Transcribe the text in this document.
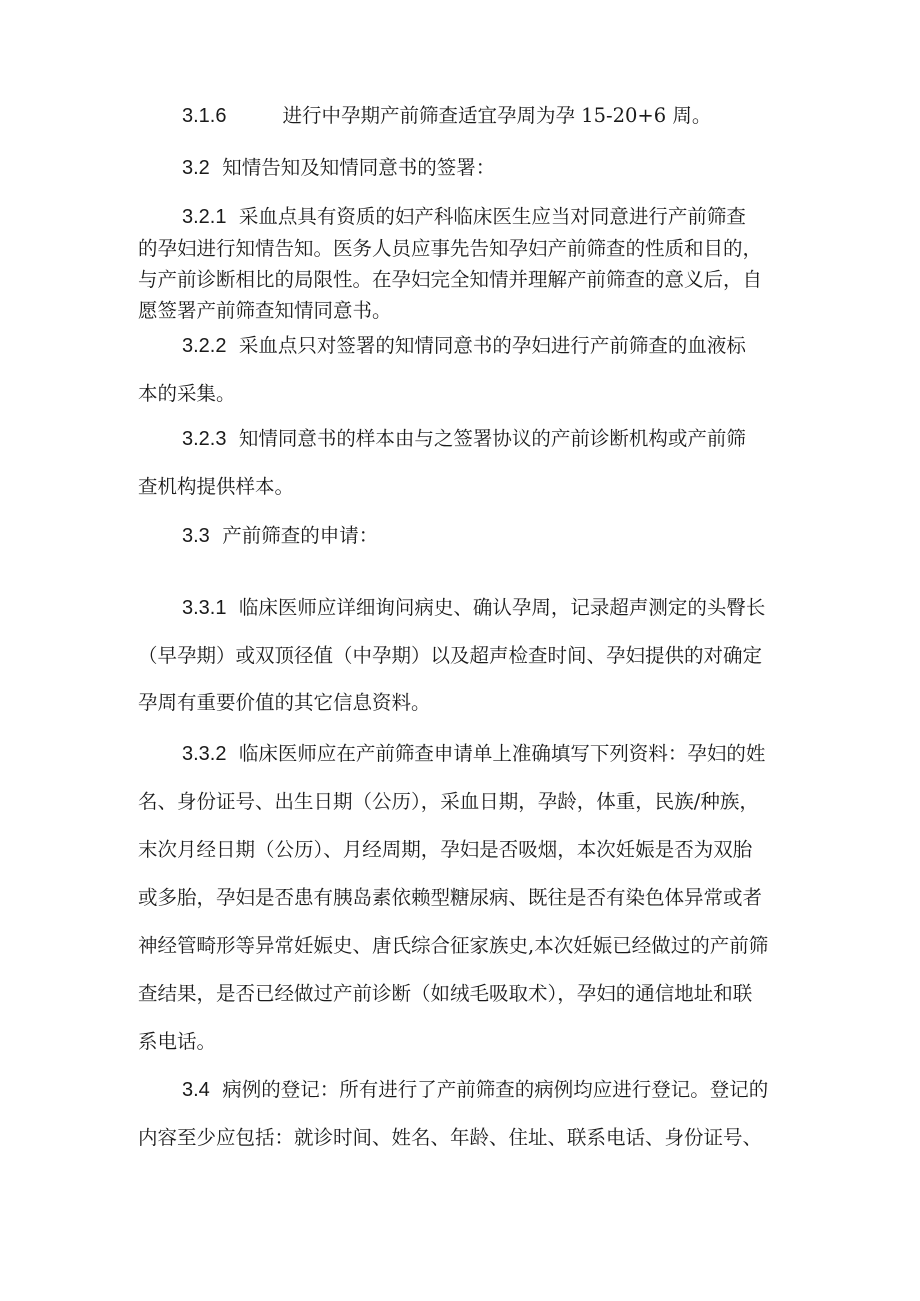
3.1.6	进行中孕期产前筛查适宜孕周为孕 15-20+6 周。

3.2 知情告知及知情同意书的签署：

3.2.1 采血点具有资质的妇产科临床医生应当对同意进行产前筛查
的孕妇进行知情告知。医务人员应事先告知孕妇产前筛查的性质和目的，
与产前诊断相比的局限性。在孕妇完全知情并理解产前筛查的意义后，自
愿签署产前筛查知情同意书。

3.2.2 采血点只对签署的知情同意书的孕妇进行产前筛查的血液标
本的采集。

3.2.3 知情同意书的样本由与之签署协议的产前诊断机构或产前筛
查机构提供样本。

3.3 产前筛查的申请：

3.3.1 临床医师应详细询问病史、确认孕周，记录超声测定的头臀长
（早孕期）或双顶径值（中孕期）以及超声检查时间、孕妇提供的对确定
孕周有重要价值的其它信息资料。

3.3.2 临床医师应在产前筛查申请单上准确填写下列资料：孕妇的姓
名、身份证号、出生日期（公历），采血日期，孕龄，体重，民族/种族，
末次月经日期（公历）、月经周期，孕妇是否吸烟，本次妊娠是否为双胎
或多胎，孕妇是否患有胰岛素依赖型糖尿病、既往是否有染色体异常或者
神经管畸形等异常妊娠史、唐氏综合征家族史,本次妊娠已经做过的产前筛
查结果，是否已经做过产前诊断（如绒毛吸取术），孕妇的通信地址和联
系电话。

3.4 病例的登记：所有进行了产前筛查的病例均应进行登记。登记的
内容至少应包括：就诊时间、姓名、年龄、住址、联系电话、身份证号、
